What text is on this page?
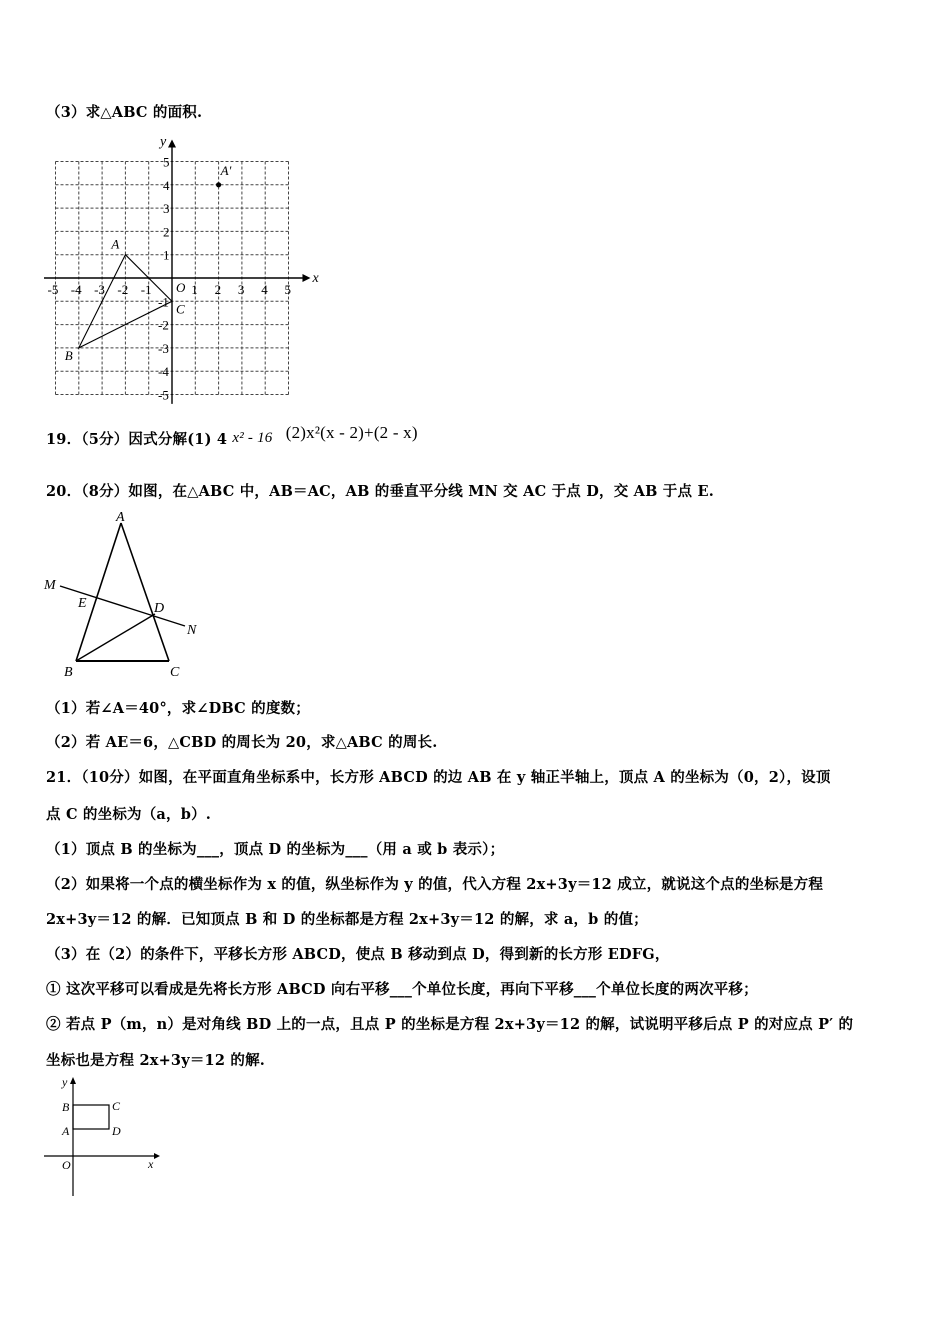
（3）求△ABC 的面积.
x
y
O
-5 -4 -3 -2 -1	1 2 3 4 5
5
4
3
2
1
-1
-2
-3
-4
-5
A'
A
B
C
19．（5分）因式分解(1) 4 x² - 16 (2)x²(x - 2)+(2 - x)
20．（8分）如图，在△ABC 中，AB＝AC，AB 的垂直平分线 MN 交 AC 于点 D，交 AB 于点 E.
A
B	C
D
E
M
N
（1）若∠A＝40°，求∠DBC 的度数；
（2）若 AE＝6，△CBD 的周长为 20，求△ABC 的周长.
21．（10分）如图，在平面直角坐标系中，长方形 ABCD 的边 AB 在 y 轴正半轴上，顶点 A 的坐标为（0，2），设顶
点 C 的坐标为（a，b）.
（1）顶点 B 的坐标为___，顶点 D 的坐标为___（用 a 或 b 表示）；
（2）如果将一个点的横坐标作为 x 的值，纵坐标作为 y 的值，代入方程 2x+3y＝12 成立，就说这个点的坐标是方程
2x+3y＝12 的解．已知顶点 B 和 D 的坐标都是方程 2x+3y＝12 的解，求 a，b 的值；
（3）在（2）的条件下，平移长方形 ABCD，使点 B 移动到点 D，得到新的长方形 EDFG，
① 这次平移可以看成是先将长方形 ABCD 向右平移___个单位长度，再向下平移___个单位长度的两次平移；
② 若点 P（m，n）是对角线 BD 上的一点，且点 P 的坐标是方程 2x+3y＝12 的解，试说明平移后点 P 的对应点 P′ 的
坐标也是方程 2x+3y＝12 的解.
y
x
O
B
A
C
D
